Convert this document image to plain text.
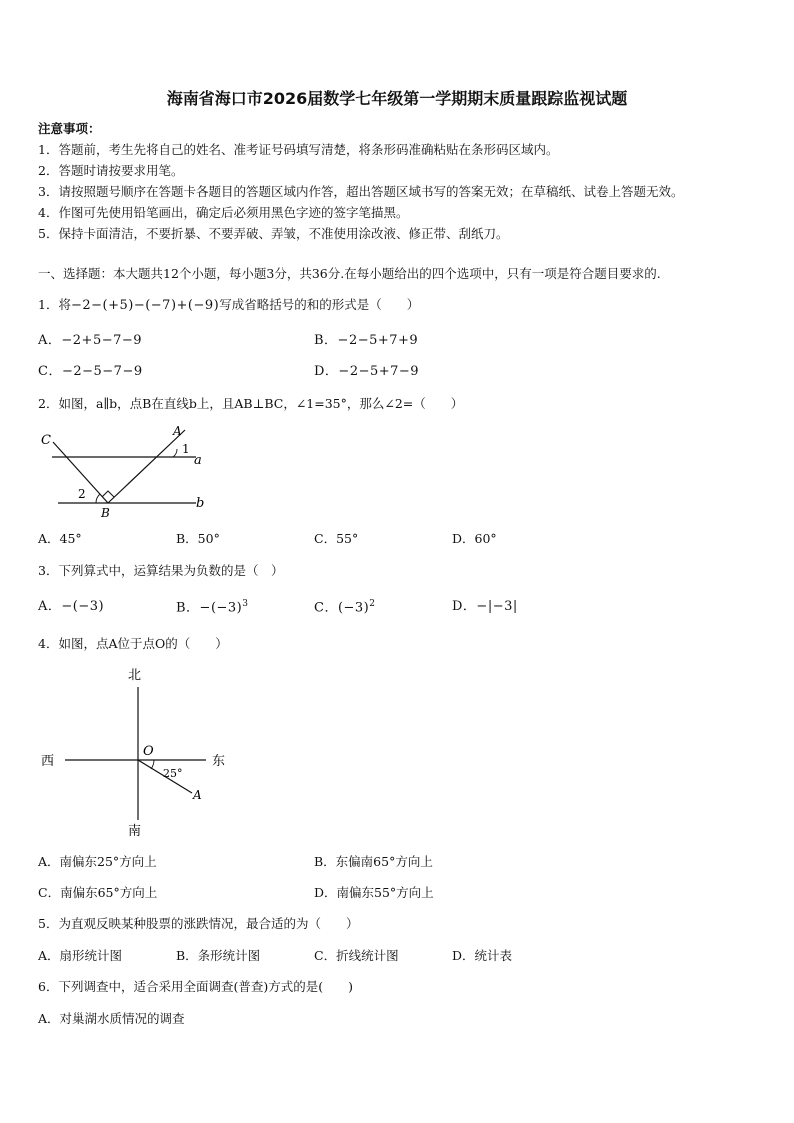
海南省海口市2026届数学七年级第一学期期末质量跟踪监视试题
注意事项：
1．答题前，考生先将自己的姓名、准考证号码填写清楚，将条形码准确粘贴在条形码区域内。
2．答题时请按要求用笔。
3．请按照题号顺序在答题卡各题目的答题区域内作答，超出答题区域书写的答案无效；在草稿纸、试卷上答题无效。
4．作图可先使用铅笔画出，确定后必须用黑色字迹的签字笔描黑。
5．保持卡面清洁，不要折暴、不要弄破、弄皱，不准使用涂改液、修正带、刮纸刀。
一、选择题：本大题共12个小题，每小题3分，共36分.在每小题给出的四个选项中，只有一项是符合题目要求的.
1．将−2−(+5)−(−7)+(−9)写成省略括号的和的形式是（　　）
A．−2+5−7−9	B．−2−5+7+9
C．−2−5−7−9	D．−2−5+7−9
2．如图，a∥b，点B在直线b上，且AB⊥BC，∠1=35°，那么∠2=（　　）
C
A
1
a
2
B
b
A．45°	B．50°	C．55°	D．60°
3．下列算式中，运算结果为负数的是（　）
A．−(−3)	B．$-(-3)^3$	C．$(-3)^2$	D．−|−3|
4．如图，点A位于点O的（　　）
北
南
西	东
O
A
25°
A．南偏东25°方向上	B．东偏南65°方向上
C．南偏东65°方向上	D．南偏东55°方向上
5．为直观反映某种股票的涨跌情况，最合适的为（　　）
A．扇形统计图	B．条形统计图	C．折线统计图	D．统计表
6．下列调查中，适合采用全面调查(普查)方式的是(　　)
A．对巢湖水质情况的调查
